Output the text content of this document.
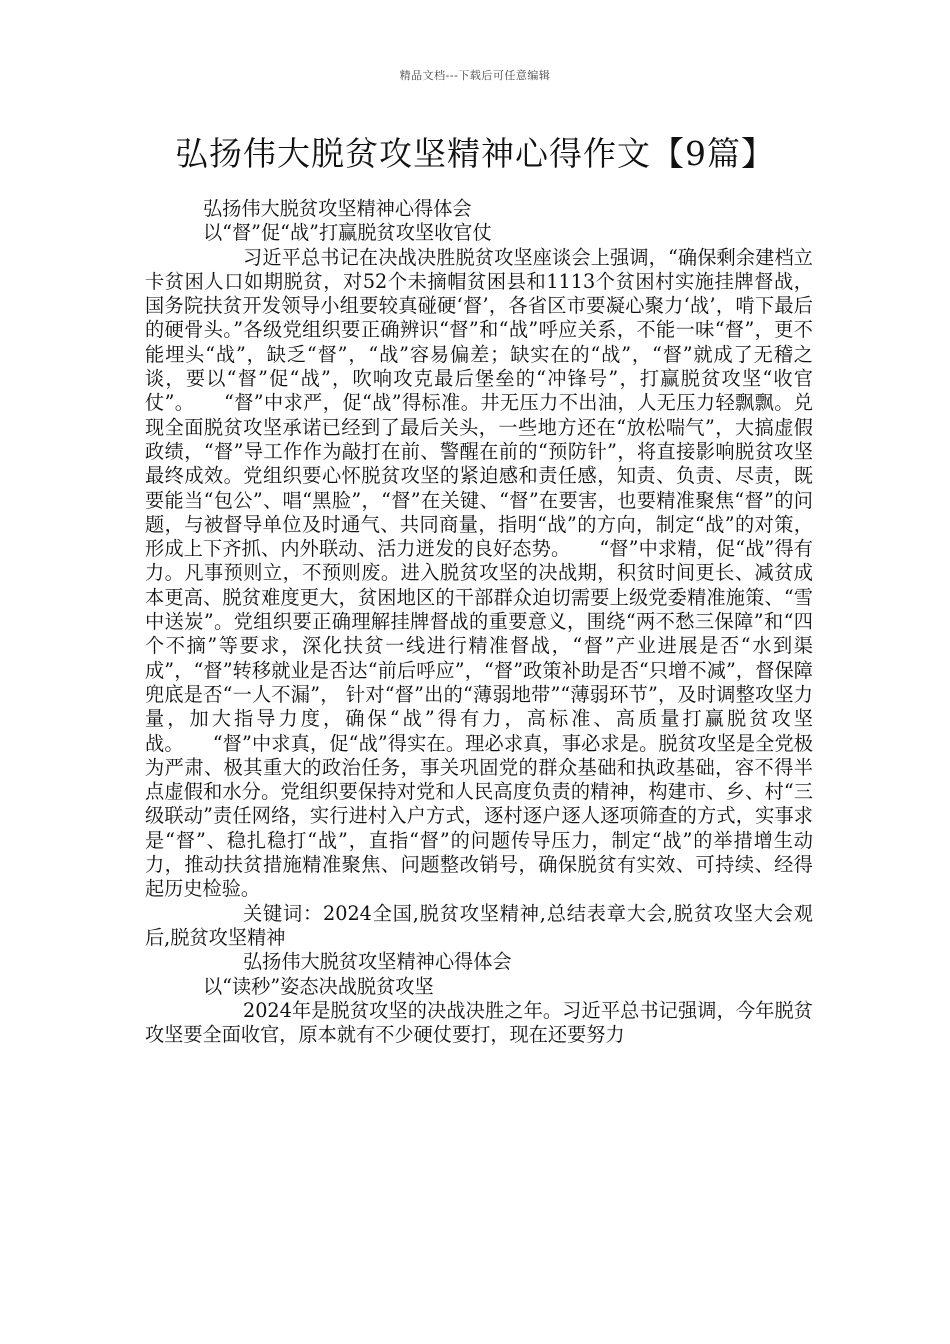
精品文档---下载后可任意编辑
弘扬伟大脱贫攻坚精神心得作文【9篇】

弘扬伟大脱贫攻坚精神心得体会

以“督”促“战”打赢脱贫攻坚收官仗

习近平总书记在决战决胜脱贫攻坚座谈会上强调，“确保剩余建档立卡贫困人口如期脱贫，对52个未摘帽贫困县和1113个贫困村实施挂牌督战，国务院扶贫开发领导小组要较真碰硬‘督’，各省区市要凝心聚力‘战’，啃下最后的硬骨头。”各级党组织要正确辨识“督”和“战”呼应关系，不能一味“督”，更不能埋头“战”，缺乏“督”，“战”容易偏差；缺实在的“战”，“督”就成了无稽之谈，要以“督”促“战”，吹响攻克最后堡垒的“冲锋号”，打赢脱贫攻坚“收官仗”。　　“督”中求严，促“战”得标准。井无压力不出油，人无压力轻飘飘。兑现全面脱贫攻坚承诺已经到了最后关头，一些地方还在“放松喘气”，大搞虚假政绩，“督”导工作作为敲打在前、警醒在前的“预防针”，将直接影响脱贫攻坚最终成效。党组织要心怀脱贫攻坚的紧迫感和责任感，知责、负责、尽责，既要能当“包公”、唱“黑脸”，“督”在关键、“督”在要害，也要精准聚焦“督”的问题，与被督导单位及时通气、共同商量，指明“战”的方向，制定“战”的对策，形成上下齐抓、内外联动、活力迸发的良好态势。　　“督”中求精，促“战”得有力。凡事预则立，不预则废。进入脱贫攻坚的决战期，积贫时间更长、减贫成本更高、脱贫难度更大，贫困地区的干部群众迫切需要上级党委精准施策、“雪中送炭”。党组织要正确理解挂牌督战的重要意义，围绕“两不愁三保障”和“四个不摘”等要求，深化扶贫一线进行精准督战，“督”产业进展是否“水到渠成”，“督”转移就业是否达“前后呼应”，“督”政策补助是否“只增不减”，督保障兜底是否“一人不漏”， 针对“督”出的“薄弱地带”“薄弱环节”，及时调整攻坚力量，加大指导力度，确保“战”得有力，高标准、高质量打赢脱贫攻坚战。　　“督”中求真，促“战”得实在。理必求真，事必求是。脱贫攻坚是全党极为严肃、极其重大的政治任务，事关巩固党的群众基础和执政基础，容不得半点虚假和水分。党组织要保持对党和人民高度负责的精神，构建市、乡、村“三级联动”责任网络，实行进村入户方式，逐村逐户逐人逐项筛查的方式，实事求是“督”、稳扎稳打“战”，直指“督”的问题传导压力，制定“战”的举措增生动力，推动扶贫措施精准聚焦、问题整改销号，确保脱贫有实效、可持续、经得起历史检验。

关键词：2024全国,脱贫攻坚精神,总结表章大会,脱贫攻坚大会观后,脱贫攻坚精神

弘扬伟大脱贫攻坚精神心得体会

以“读秒”姿态决战脱贫攻坚

2024年是脱贫攻坚的决战决胜之年。习近平总书记强调，今年脱贫攻坚要全面收官，原本就有不少硬仗要打，现在还要努力
